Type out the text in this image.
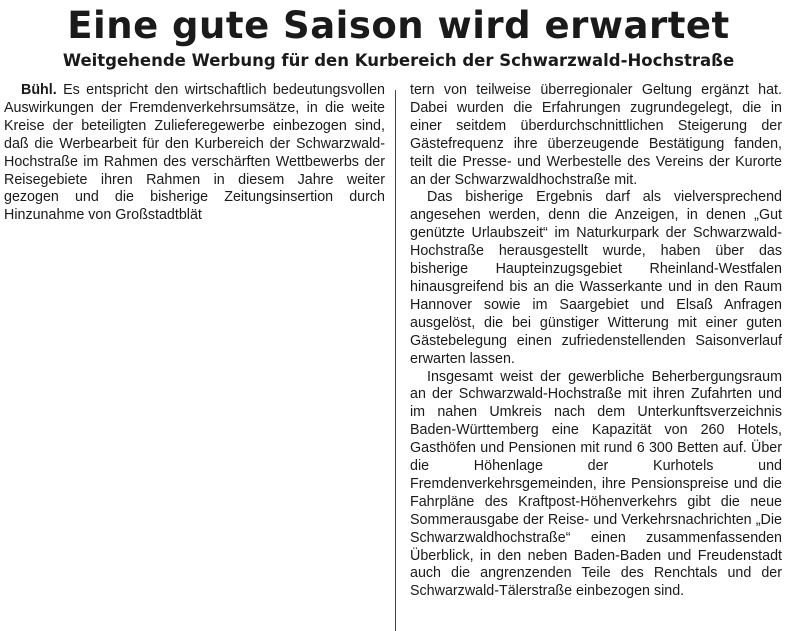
Eine gute Saison wird erwartet
Weitgehende Werbung für den Kurbereich der Schwarzwald-Hochstraße

Bühl. Es entspricht den wirtschaftlich bedeutungsvollen Auswirkungen der Fremdenverkehrsumsätze, in die weite Kreise der beteiligten Zulieferegewerbe einbezogen sind, daß die Werbearbeit für den Kurbereich der Schwarzwald-Hochstraße im Rahmen des verschärften Wettbewerbs der Reisegebiete ihren Rahmen in diesem Jahre weiter gezogen und die bisherige Zeitungsinsertion durch Hinzunahme von Großstadtblät

tern von teilweise überregionaler Geltung ergänzt hat. Dabei wurden die Erfahrungen zugrundegelegt, die in einer seitdem überdurchschnittlichen Steigerung der Gästefrequenz ihre überzeugende Bestätigung fanden, teilt die Presse- und Werbestelle des Vereins der Kurorte an der Schwarzwaldhochstraße mit.

Das bisherige Ergebnis darf als vielversprechend angesehen werden, denn die Anzeigen, in denen „Gut genützte Urlaubszeit“ im Naturkurpark der Schwarzwald-Hochstraße herausgestellt wurde, haben über das bisherige Haupteinzugsgebiet Rheinland-Westfalen hinausgreifend bis an die Wasserkante und in den Raum Hannover sowie im Saargebiet und Elsaß Anfragen ausgelöst, die bei günstiger Witterung mit einer guten Gästebelegung einen zufriedenstellenden Saisonverlauf erwarten lassen.

Insgesamt weist der gewerbliche Beherbergungsraum an der Schwarzwald-Hochstraße mit ihren Zufahrten und im nahen Umkreis nach dem Unterkunftsverzeichnis Baden-Württemberg eine Kapazität von 260 Hotels, Gasthöfen und Pensionen mit rund 6 300 Betten auf. Über die Höhenlage der Kurhotels und Fremdenverkehrsgemeinden, ihre Pensionspreise und die Fahrpläne des Kraftpost-Höhenverkehrs gibt die neue Sommerausgabe der Reise- und Verkehrsnachrichten „Die Schwarzwaldhochstraße“ einen zusammenfassenden Überblick, in den neben Baden-Baden und Freudenstadt auch die angrenzenden Teile des Renchtals und der Schwarzwald-Tälerstraße einbezogen sind.
